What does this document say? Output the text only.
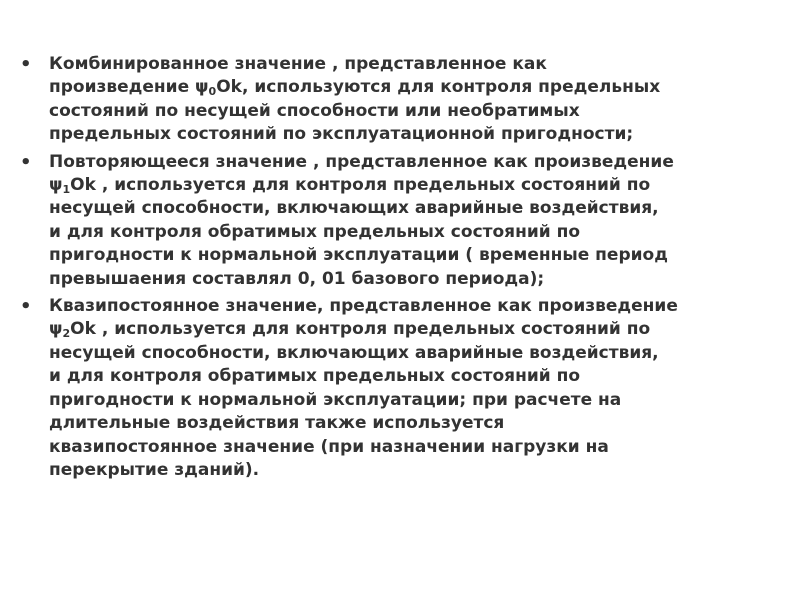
• Комбинированное значение , представленное как
произведение $\psi_0Ok$, используются для контроля предельных
состояний по несущей способности или необратимых
предельных состояний по эксплуатационной пригодности;
• Повторяющееся значение , представленное как произведение
$\psi_1Ok$ , используется для контроля предельных состояний по
несущей способности, включающих аварийные воздействия,
и для контроля обратимых предельных состояний по
пригодности к нормальной эксплуатации ( временные период
превышаения составлял 0, 01 базового периода);
• Квазипостоянное значение, представленное как произведение
$\psi_2Ok$ , используется для контроля предельных состояний по
несущей способности, включающих аварийные воздействия,
и для контроля обратимых предельных состояний по
пригодности к нормальной эксплуатации; при расчете на
длительные воздействия также используется
квазипостоянное значение (при назначении нагрузки на
перекрытие зданий).
